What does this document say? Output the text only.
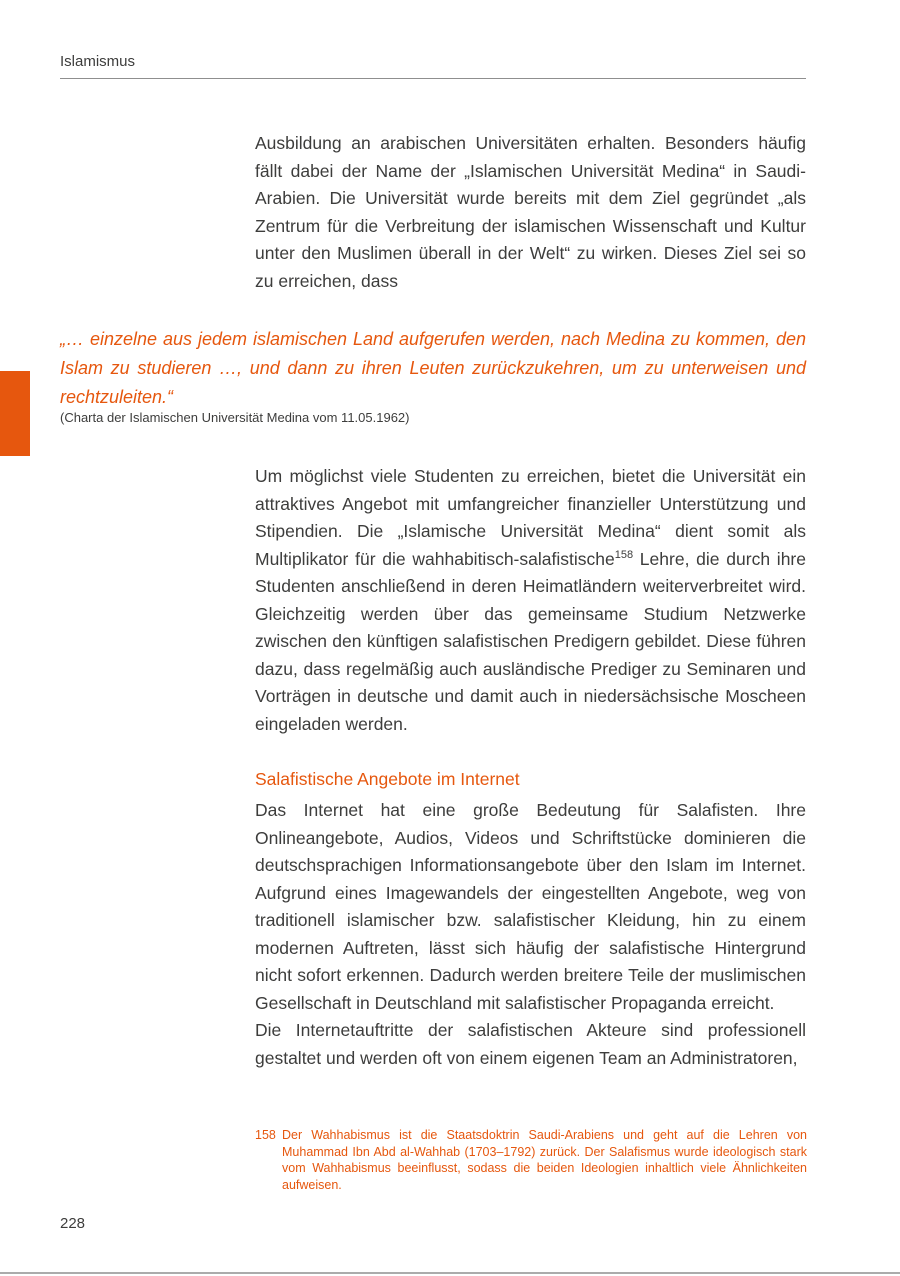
Islamismus

Ausbildung an arabischen Universitäten erhalten. Besonders häufig fällt dabei der Name der „Islamischen Universität Medina“ in Saudi-Arabien. Die Universität wurde bereits mit dem Ziel gegründet „als Zentrum für die Verbreitung der islamischen Wissenschaft und Kultur unter den Muslimen überall in der Welt“ zu wirken. Dieses Ziel sei so zu erreichen, dass

„… einzelne aus jedem islamischen Land aufgerufen werden, nach Medina zu kommen, den Islam zu studieren …, und dann zu ihren Leuten zurückzukehren, um zu unterweisen und rechtzuleiten.“
(Charta der Islamischen Universität Medina vom 11.05.1962)

Um möglichst viele Studenten zu erreichen, bietet die Universität ein attraktives Angebot mit umfangreicher finanzieller Unterstützung und Stipendien. Die „Islamische Universität Medina“ dient somit als Multiplikator für die wahhabitisch-salafistische$^{158}$ Lehre, die durch ihre Studenten anschließend in deren Heimatländern weiterverbreitet wird. Gleichzeitig werden über das gemeinsame Studium Netzwerke zwischen den künftigen salafistischen Predigern gebildet. Diese führen dazu, dass regelmäßig auch ausländische Prediger zu Seminaren und Vorträgen in deutsche und damit auch in niedersächsische Moscheen eingeladen werden.

Salafistische Angebote im Internet

Das Internet hat eine große Bedeutung für Salafisten. Ihre Onlineangebote, Audios, Videos und Schriftstücke dominieren die deutschsprachigen Informationsangebote über den Islam im Internet. Aufgrund eines Imagewandels der eingestellten Angebote, weg von traditionell islamischer bzw. salafistischer Kleidung, hin zu einem modernen Auftreten, lässt sich häufig der salafistische Hintergrund nicht sofort erkennen. Dadurch werden breitere Teile der muslimischen Gesellschaft in Deutschland mit salafistischer Propaganda erreicht.

Die Internetauftritte der salafistischen Akteure sind professionell gestaltet und werden oft von einem eigenen Team an Administratoren,

158 Der Wahhabismus ist die Staatsdoktrin Saudi-Arabiens und geht auf die Lehren von Muhammad Ibn Abd al-Wahhab (1703–1792) zurück. Der Salafismus wurde ideologisch stark vom Wahhabismus beeinflusst, sodass die beiden Ideologien inhaltlich viele Ähnlichkeiten aufweisen.
228
